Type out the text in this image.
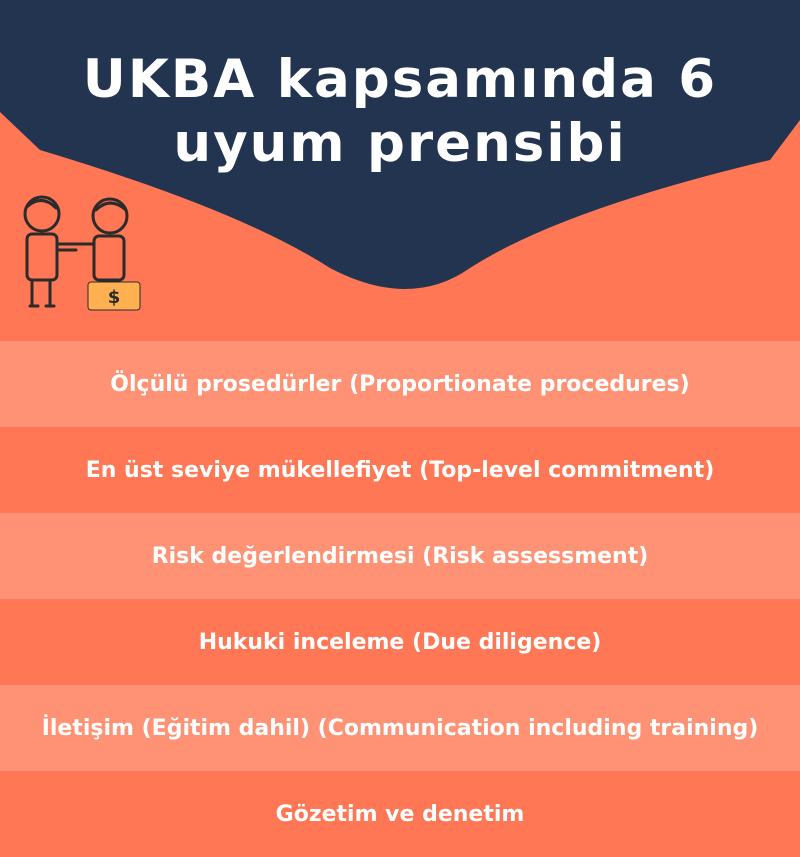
UKBA kapsamında 6
uyum prensibi
$
Ölçülü prosedürler (Proportionate procedures)
En üst seviye mükellefiyet (Top-level commitment)
Risk değerlendirmesi (Risk assessment)
Hukuki inceleme (Due diligence)
İletişim (Eğitim dahil) (Communication including training)
Gözetim ve denetim
